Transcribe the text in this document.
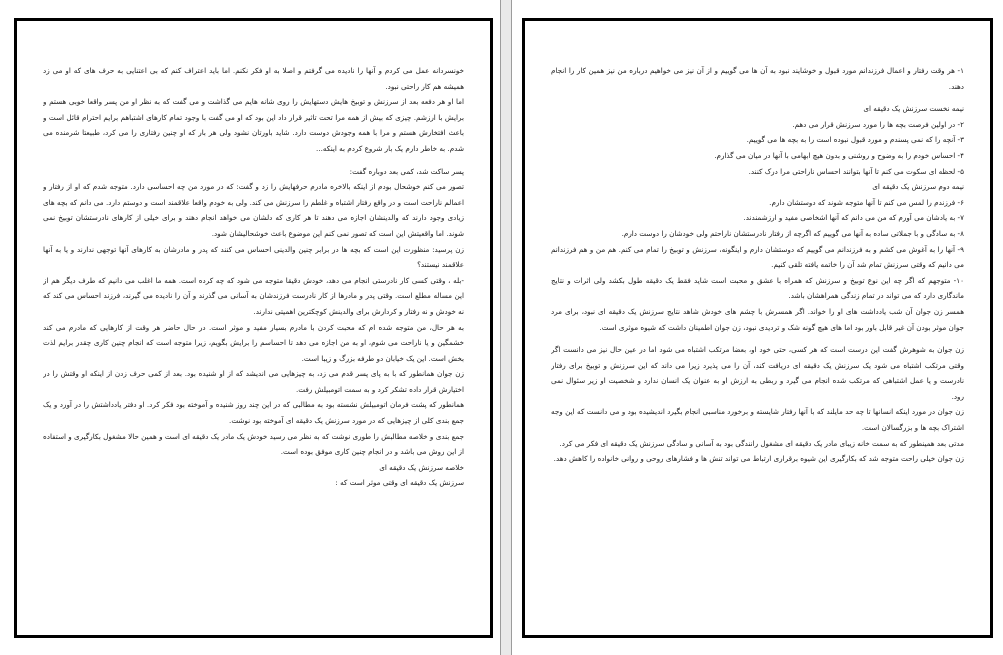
خونسردانه عمل می کردم و آنها را نادیده می گرفتم و اصلا به او فکر نکنم. اما باید اعتراف کنم که بی اعتنایی به حرف های که او می زد همیشه هم کار راحتی نبود.

اما او هر دفعه بعد از سرزنش و توبیخ هایش دستهایش را روی شانه هایم می گذاشت و می گفت که به نظر او من پسر واقعا خوبی هستم و برایش با ارزشم. چیزی که بیش از همه مرا تحت تاثیر قرار داد این بود که او می گفت با وجود تمام کارهای اشتباهم برایم احترام قائل است و باعث افتخارش هستم و مرا با همه وجودش دوست دارد. شاید باورتان نشود ولی هر بار که او چنین رفتاری را می کرد، طبیعتا شرمنده می شدم. به خاطر دارم یک بار شروع کردم به اینکه...

پسر ساکت شد، کمی بعد دوباره گفت:

تصور می کنم خوشحال بودم از اینکه بالاخره مادرم حرفهایش را زد و گفت: که در مورد من چه احساسی دارد. متوجه شدم که او از رفتار و اعمالم ناراحت است و در واقع رفتار اشتباه و غلطم را سرزنش می کند. ولی به خودم واقعا علاقمند است و دوستم دارد. می دانم که بچه های زیادی وجود دارند که والدینشان اجازه می دهند تا هر کاری که دلشان می خواهد انجام دهند و برای خیلی از کارهای نادرستشان توبیخ نمی شوند. اما واقعیتش این است که تصور نمی کنم این موضوع باعث خوشحالیشان شود.

زن پرسید: منظورت این است که بچه ها در برابر چنین والدینی احساس می کنند که پدر و مادرشان به کارهای آنها توجهی ندارند و یا به آنها علاقمند نیستند؟

-بله ، وقتی کسی کار نادرستی انجام می دهد، خودش دقیقا متوجه می شود که چه کرده است. همه ما اغلب می دانیم که طرف دیگر هم از این مساله مطلع است. وقتی پدر و مادرها از کار نادرست فرزندشان به آسانی می گذرند و آن را نادیده می گیرند، فرزند احساس می کند که نه خودش و نه رفتار و کردارش برای والدینش کوچکترین اهمیتی ندارند.

به هر حال، من متوجه شده ام که محبت کردن با مادرم بسیار مفید و موثر است. در حال حاضر هر وقت از کارهایی که مادرم می کند خشمگین و یا ناراحت می شوم، او به من اجازه می دهد تا احساسم را برایش بگویم، زیرا متوجه است که انجام چنین کاری چقدر برایم لذت بخش است. این یک خیابان دو طرفه بزرگ و زیبا است.

زن جوان همانطور که با به پای پسر قدم می زد، به چیزهایی می اندیشد که از او شنیده بود. بعد از کمی حرف زدن از اینکه او وقتش را در اختیارش قرار داده تشکر کرد و به سمت اتومبیلش رفت.

همانطور که پشت فرمان اتومبیلش نشسته بود به مطالبی که در این چند روز شنیده و آموخته بود فکر کرد. او دفتر یادداشتش را در آورد و یک جمع بندی کلی از چیزهایی که در مورد سرزنش یک دقیقه ای آموخته بود نوشت.

جمع بندی و خلاصه مطالبش را طوری نوشت که به نظر می رسید خودش یک مادر یک دقیقه ای است و همین حالا مشغول بکارگیری و استفاده از این روش می باشد و در انجام چنین کاری موفق بوده است.

خلاصه سرزنش یک دقیقه ای

سرزنش یک دقیقه ای وقتی موثر است که :

۱- هر وقت رفتار و اعمال فرزندانم مورد قبول و خوشایند نبود به آن ها می گوییم و از آن نیز می خواهیم درباره من نیز همین کار را انجام دهند.

نیمه نخست سرزنش یک دقیقه ای

۲- در اولین فرصت بچه ها را مورد سرزنش قرار می دهم.

۳- آنچه را که نمی پسندم و مورد قبول نبوده است را به بچه ها می گوییم.

۴- احساس خودم را به وضوح و روشنی و بدون هیچ ابهامی با آنها در میان می گذارم.

۵- لحظه ای سکوت می کنم تا آنها بتوانند احساس ناراحتی مرا درک کنند.

نیمه دوم سرزنش یک دقیقه ای

۶- فرزندم را لمس می کنم تا آنها متوجه شوند که دوستشان دارم.

۷- به یادشان می آورم که من می دانم که آنها اشخاصی مفید و ارزشمندند.

۸- به سادگی و با جملاتی ساده به آنها می گوییم که اگرچه از رفتار نادرستشان ناراحتم ولی خودشان را دوست دارم.

۹- آنها را به آغوش می کشم و به فرزندانم می گوییم که دوستشان دارم و اینگونه، سرزنش و توبیخ را تمام می کنم. هم من و هم فرزندانم می دانیم که وقتی سرزنش تمام شد آن را خاتمه یافته تلقی کنیم.

۱۰- متوجهم که اگر چه این نوع توبیخ و سرزنش که همراه با عشق و محبت است شاید فقط یک دقیقه طول بکشد ولی اثرات و نتایج ماندگاری دارد که می تواند در تمام زندگی همراهشان باشد.

همسر زن جوان آن شب یادداشت های او را خواند. اگر همسرش با چشم های خودش شاهد نتایج سرزنش یک دقیقه ای نبود، برای مرد جوان موثر بودن آن غیر قابل باور بود اما های هیچ گونه شک و تردیدی نبود، زن جوان اطمینان داشت که شیوه موثری است.

زن جوان به شوهرش گفت این درست است که هر کسی، حتی خود او، بعضا مرتکب اشتباه می شود اما در عین حال نیز می دانست اگر وقتی مرتکب اشتباه می شود یک سرزنش یک دقیقه ای دریافت کند، آن را می پذیرد زیرا می داند که این سرزنش و توبیخ برای رفتار نادرست و یا عمل اشتباهی که مرتکب شده انجام می گیرد و ربطی به ارزش او به عنوان یک انسان ندارد و شخصیت او زیر سئوال نمی رود.

زن جوان در مورد اینکه انسانها تا چه حد مایلند که با آنها رفتار شایسته و برخورد مناسبی انجام بگیرد اندیشیده بود و می دانست که این وجه اشتراک بچه ها و بزرگسالان است.

مدتی بعد همینطور که به سمت خانه زیبای مادر یک دقیقه ای مشغول رانندگی بود به آسانی و سادگی سرزنش یک دقیقه ای فکر می کرد.

زن جوان خیلی راحت متوجه شد که بکارگیری این شیوه برقراری ارتباط می تواند تنش ها و فشارهای روحی و روانی خانواده را کاهش دهد.
